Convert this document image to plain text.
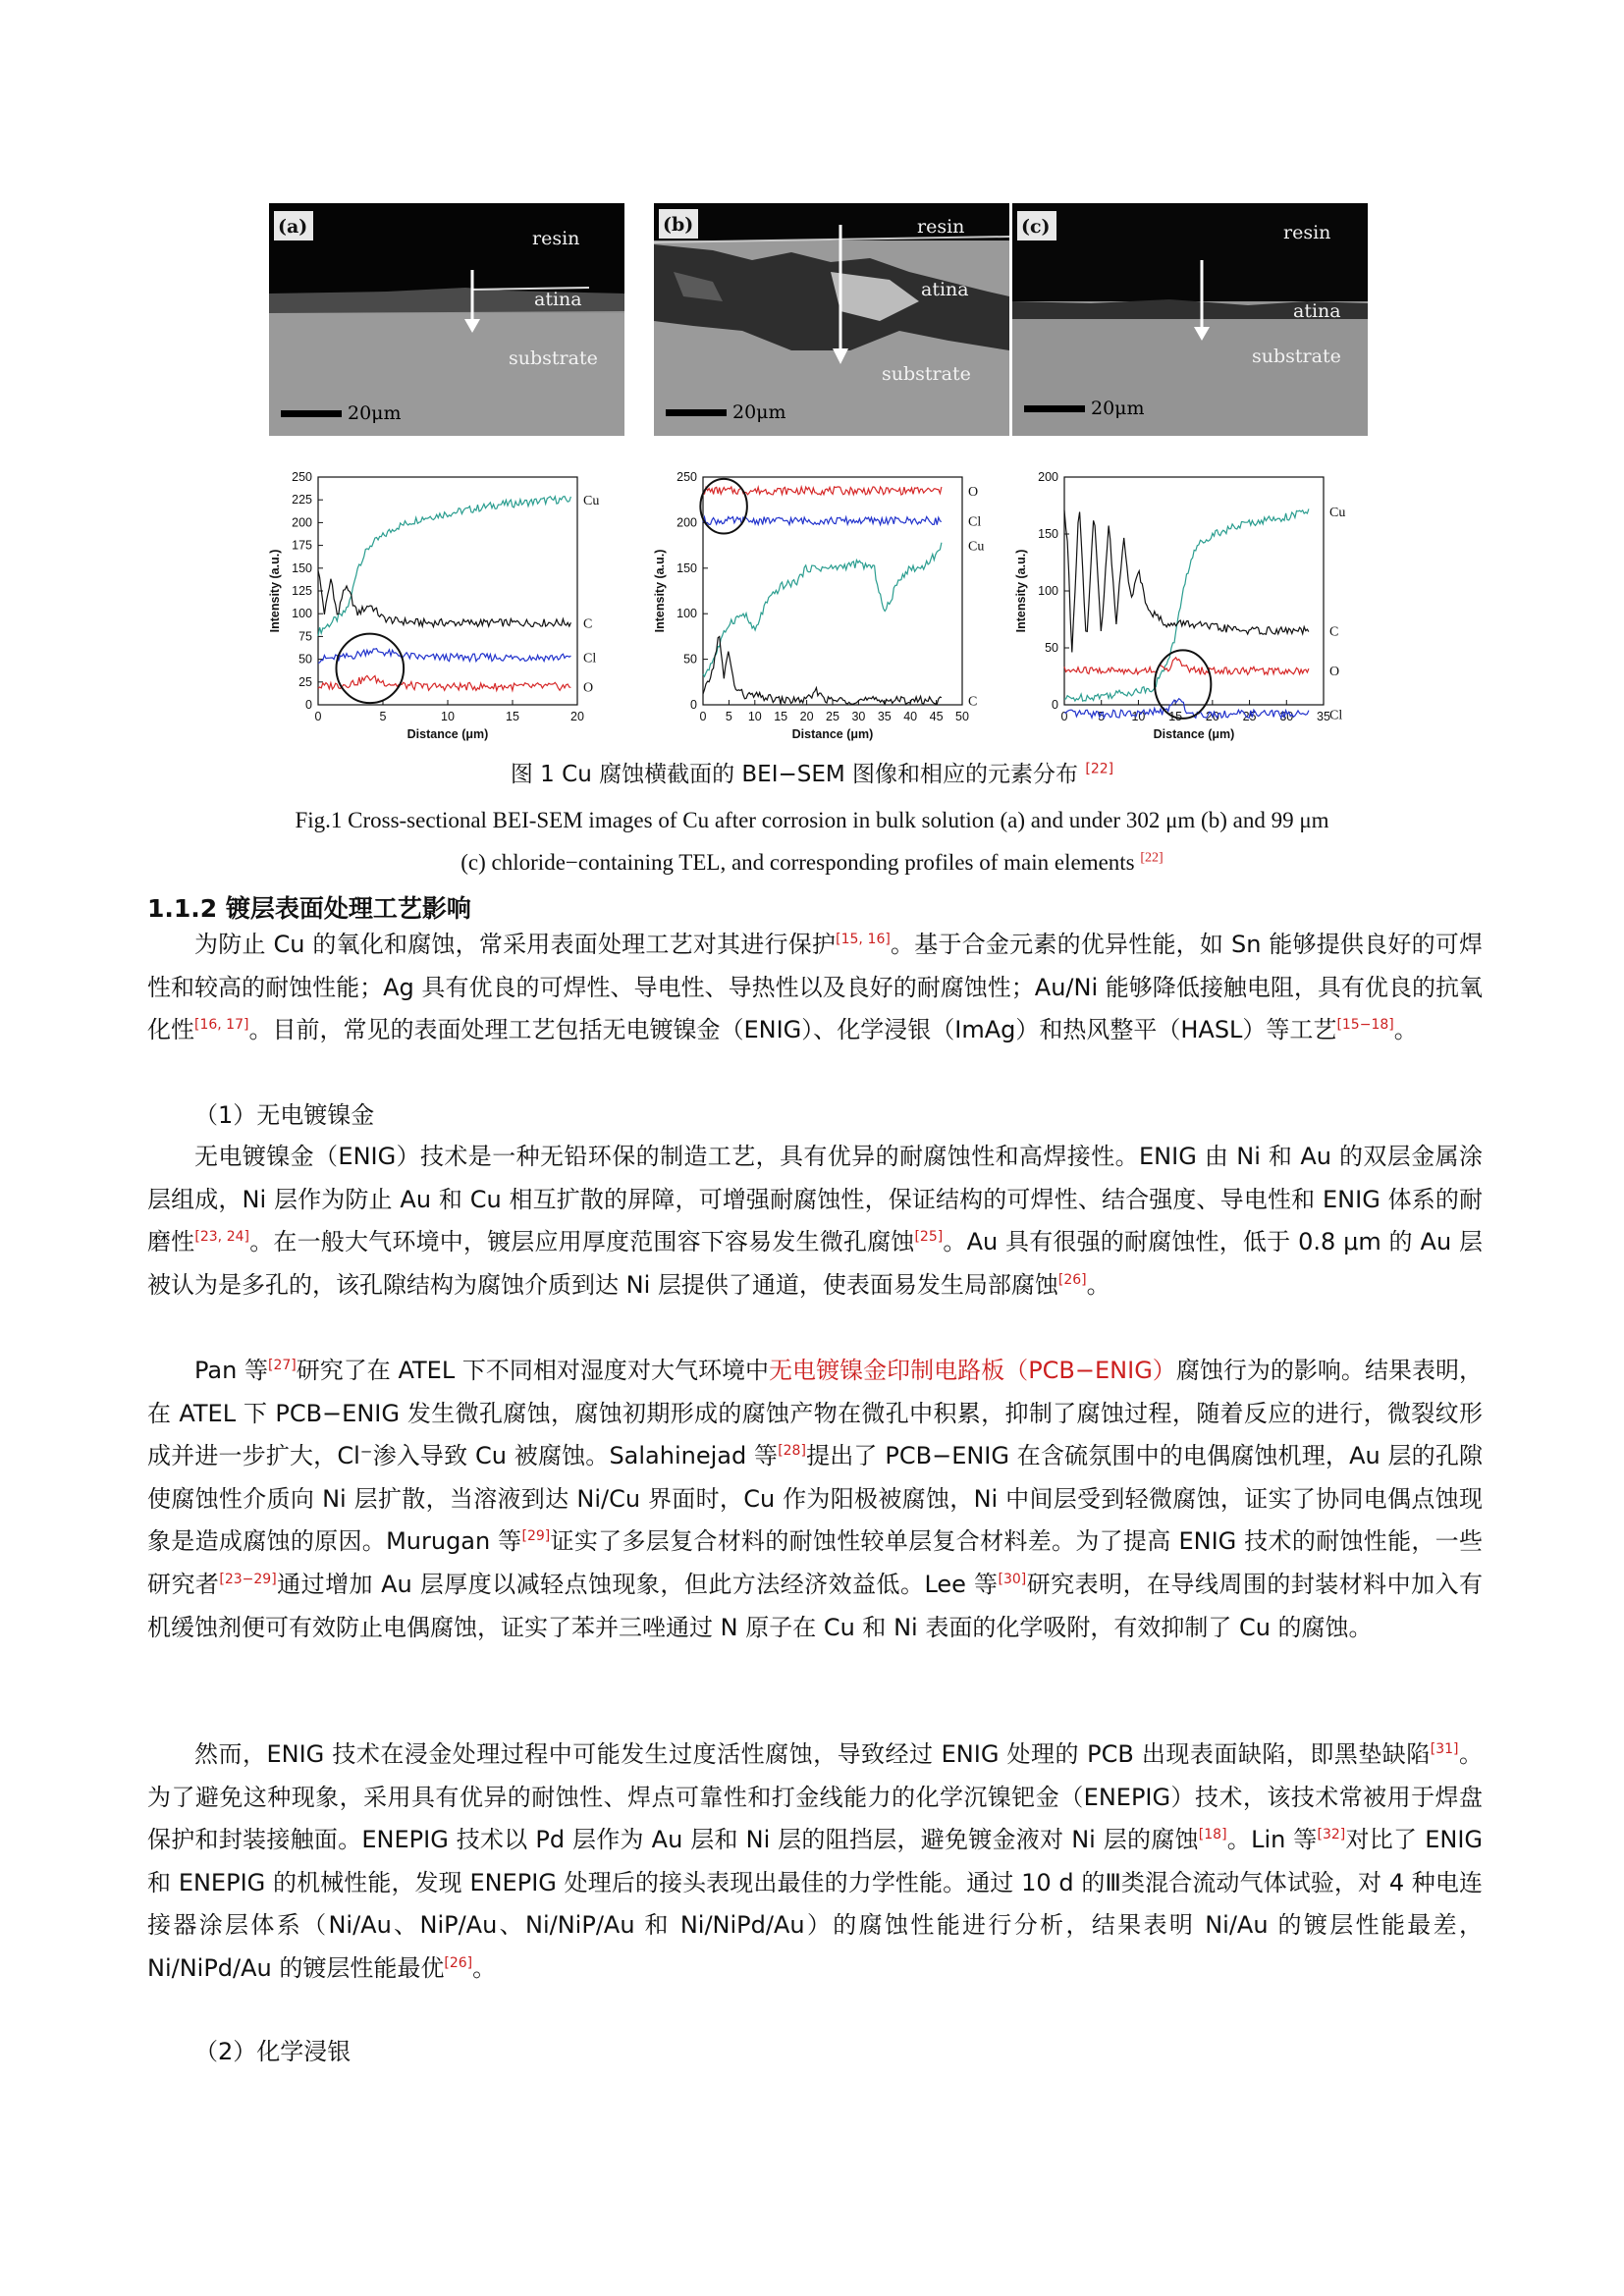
(a)
resin
atina
substrate
20μm
(b)	resin
atina
substrate
20μm
(c)	resin
atina
substrate
20μm
0	5	10	15	20
0
25
50
75
100
125
150
175
200
225
250
Distance (μm)
Intensity (a.u.)
Cu
C
Cl
O
0 5 10 15 20 25 30 35 40 45 50
0
50
100
150
200
250
Distance (μm)
Intensity (a.u.)
O
Cl
Cu
C
0 5 10 15 20 25 30 35
0
50
100
150
200
Distance (μm)
Intensity (a.u.)
Cu
C
O
Cl
图 1 Cu 腐蚀横截面的 BEI−SEM 图像和相应的元素分布 [22]
Fig.1 Cross-sectional BEI-SEM images of Cu after corrosion in bulk solution (a) and under 302 μm (b) and 99 μm
(c) chloride−containing TEL, and corresponding profiles of main elements [22]
1.1.2 镀层表面处理工艺影响

为防止 Cu 的氧化和腐蚀，常采用表面处理工艺对其进行保护[15, 16]。基于合金元素的优异性能，如 Sn 能够提供良好的可焊性和较高的耐蚀性能；Ag 具有优良的可焊性、导电性、导热性以及良好的耐腐蚀性；Au/Ni 能够降低接触电阻，具有优良的抗氧化性[16, 17]。目前，常见的表面处理工艺包括无电镀镍金（ENIG）、化学浸银（ImAg）和热风整平（HASL）等工艺[15−18]。

（1）无电镀镍金

无电镀镍金（ENIG）技术是一种无铅环保的制造工艺，具有优异的耐腐蚀性和高焊接性。ENIG 由 Ni 和 Au 的双层金属涂层组成，Ni 层作为防止 Au 和 Cu 相互扩散的屏障，可增强耐腐蚀性，保证结构的可焊性、结合强度、导电性和 ENIG 体系的耐磨性[23, 24]。在一般大气环境中，镀层应用厚度范围容下容易发生微孔腐蚀[25]。Au 具有很强的耐腐蚀性，低于 0.8 μm 的 Au 层被认为是多孔的，该孔隙结构为腐蚀介质到达 Ni 层提供了通道，使表面易发生局部腐蚀[26]。

Pan 等[27]研究了在 ATEL 下不同相对湿度对大气环境中无电镀镍金印制电路板（PCB−ENIG）腐蚀行为的影响。结果表明，在 ATEL 下 PCB−ENIG 发生微孔腐蚀，腐蚀初期形成的腐蚀产物在微孔中积累，抑制了腐蚀过程，随着反应的进行，微裂纹形成并进一步扩大，Cl⁻渗入导致 Cu 被腐蚀。Salahinejad 等[28]提出了 PCB−ENIG 在含硫氛围中的电偶腐蚀机理，Au 层的孔隙使腐蚀性介质向 Ni 层扩散，当溶液到达 Ni/Cu 界面时，Cu 作为阳极被腐蚀，Ni 中间层受到轻微腐蚀，证实了协同电偶点蚀现象是造成腐蚀的原因。Murugan 等[29]证实了多层复合材料的耐蚀性较单层复合材料差。为了提高 ENIG 技术的耐蚀性能，一些研究者[23−29]通过增加 Au 层厚度以减轻点蚀现象，但此方法经济效益低。Lee 等[30]研究表明，在导线周围的封装材料中加入有机缓蚀剂便可有效防止电偶腐蚀，证实了苯并三唑通过 N 原子在 Cu 和 Ni 表面的化学吸附，有效抑制了 Cu 的腐蚀。

然而，ENIG 技术在浸金处理过程中可能发生过度活性腐蚀，导致经过 ENIG 处理的 PCB 出现表面缺陷，即黑垫缺陷[31]。为了避免这种现象，采用具有优异的耐蚀性、焊点可靠性和打金线能力的化学沉镍钯金（ENEPIG）技术，该技术常被用于焊盘保护和封装接触面。ENEPIG 技术以 Pd 层作为 Au 层和 Ni 层的阻挡层，避免镀金液对 Ni 层的腐蚀[18]。Lin 等[32]对比了 ENIG 和 ENEPIG 的机械性能，发现 ENEPIG 处理后的接头表现出最佳的力学性能。通过 10 d 的Ⅲ类混合流动气体试验，对 4 种电连接器涂层体系（Ni/Au、NiP/Au、Ni/NiP/Au 和 Ni/NiPd/Au）的腐蚀性能进行分析，结果表明 Ni/Au 的镀层性能最差，Ni/NiPd/Au 的镀层性能最优[26]。

（2）化学浸银
